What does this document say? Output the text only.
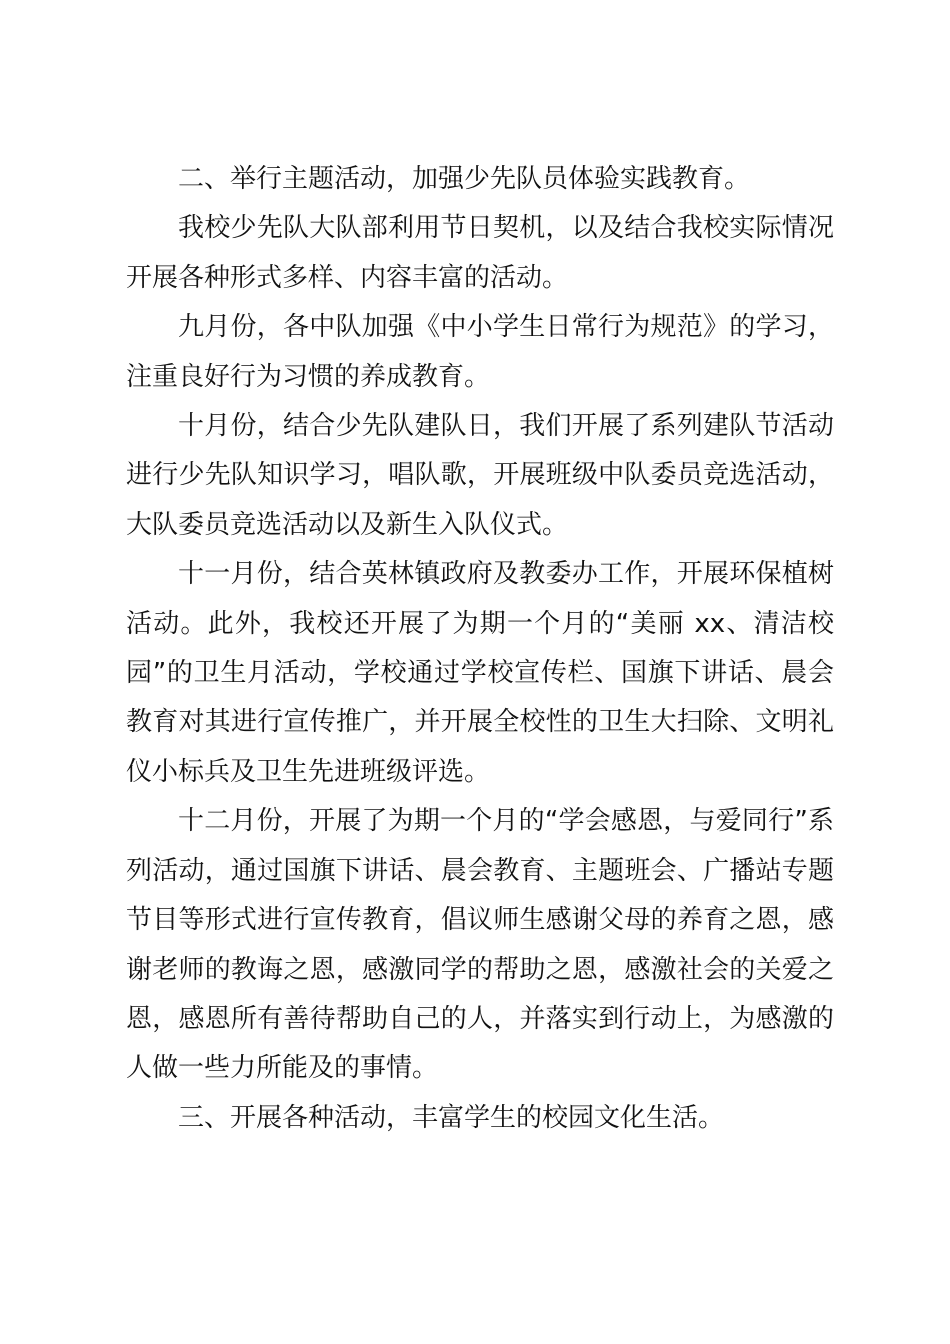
二、举行主题活动，加强少先队员体验实践教育。

我校少先队大队部利用节日契机，以及结合我校实际情况开展各种形式多样、内容丰富的活动。

九月份，各中队加强《中小学生日常行为规范》的学习，注重良好行为习惯的养成教育。

十月份，结合少先队建队日，我们开展了系列建队节活动进行少先队知识学习，唱队歌，开展班级中队委员竞选活动，大队委员竞选活动以及新生入队仪式。

十一月份，结合英林镇政府及教委办工作，开展环保植树活动。此外，我校还开展了为期一个月的“美丽 xx、清洁校园”的卫生月活动，学校通过学校宣传栏、国旗下讲话、晨会教育对其进行宣传推广，并开展全校性的卫生大扫除、文明礼仪小标兵及卫生先进班级评选。

十二月份，开展了为期一个月的“学会感恩，与爱同行”系列活动，通过国旗下讲话、晨会教育、主题班会、广播站专题节目等形式进行宣传教育，倡议师生感谢父母的养育之恩，感谢老师的教诲之恩，感激同学的帮助之恩，感激社会的关爱之恩，感恩所有善待帮助自己的人，并落实到行动上，为感激的人做一些力所能及的事情。

三、开展各种活动，丰富学生的校园文化生活。
